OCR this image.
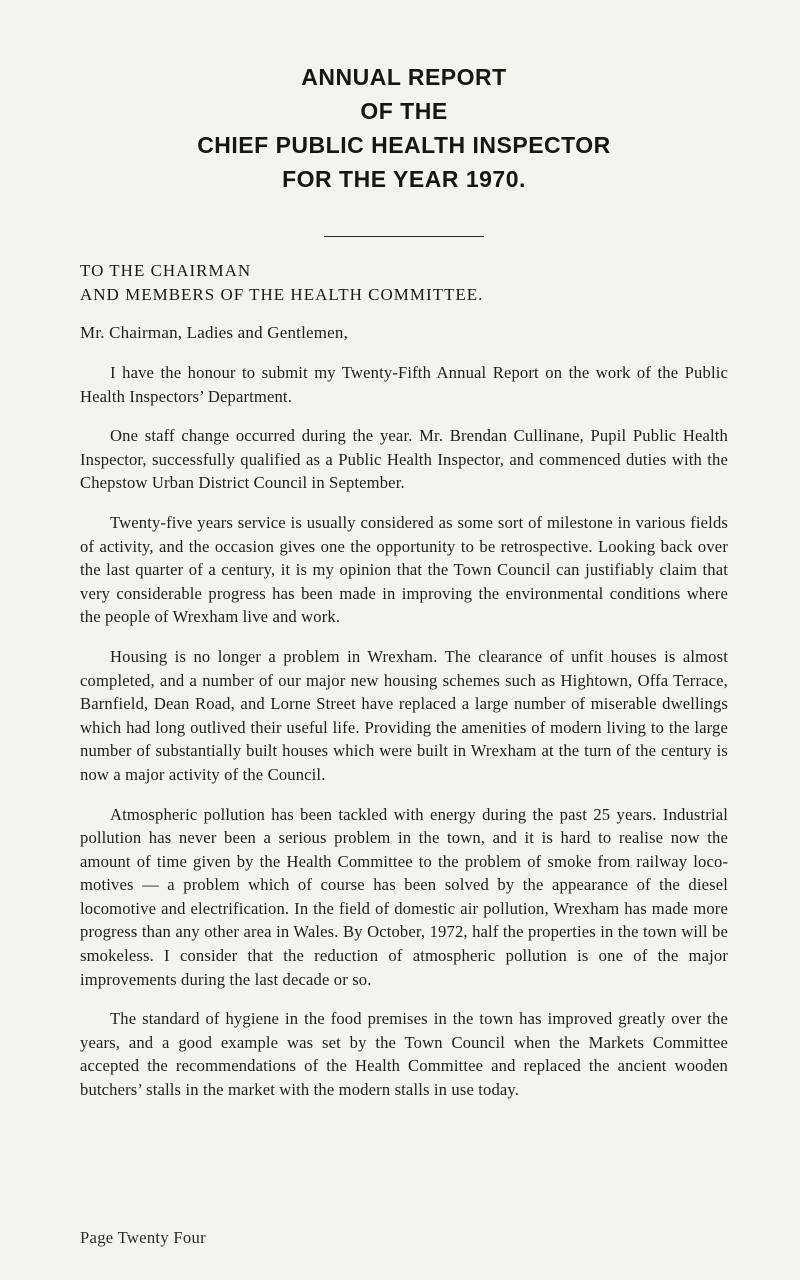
ANNUAL REPORT
OF THE
CHIEF PUBLIC HEALTH INSPECTOR
FOR THE YEAR 1970.
TO THE CHAIRMAN
AND MEMBERS OF THE HEALTH COMMITTEE.
Mr. Chairman, Ladies and Gentlemen,

I have the honour to submit my Twenty-Fifth Annual Report on the work of the Public Health Inspectors’ Department.

One staff change occurred during the year. Mr. Brendan Cullinane, Pupil Public Health Inspector, successfully qualified as a Public Health Inspector, and commenced duties with the Chepstow Urban District Council in September.

Twenty-five years service is usually considered as some sort of milestone in various fields of activity, and the occasion gives one the opportunity to be retrospective. Looking back over the last quarter of a century, it is my opinion that the Town Council can justifiably claim that very considerable progress has been made in improving the environmental conditions where the people of Wrexham live and work.

Housing is no longer a problem in Wrexham. The clearance of unfit houses is almost completed, and a number of our major new housing schemes such as Hightown, Offa Terrace, Barnfield, Dean Road, and Lorne Street have replaced a large number of miserable dwellings which had long outlived their useful life. Providing the amenities of modern living to the large number of substantially built houses which were built in Wrexham at the turn of the century is now a major activity of the Council.

Atmospheric pollution has been tackled with energy during the past 25 years. Industrial pollution has never been a serious problem in the town, and it is hard to realise now the amount of time given by the Health Committee to the problem of smoke from railway locomotives — a problem which of course has been solved by the appearance of the diesel locomotive and electrification. In the field of domestic air pollution, Wrexham has made more progress than any other area in Wales. By October, 1972, half the properties in the town will be smokeless. I consider that the reduction of atmospheric pollution is one of the major improvements during the last decade or so.

The standard of hygiene in the food premises in the town has improved greatly over the years, and a good example was set by the Town Council when the Markets Committee accepted the recommendations of the Health Committee and replaced the ancient wooden butchers’ stalls in the market with the modern stalls in use today.

Page Twenty Four
